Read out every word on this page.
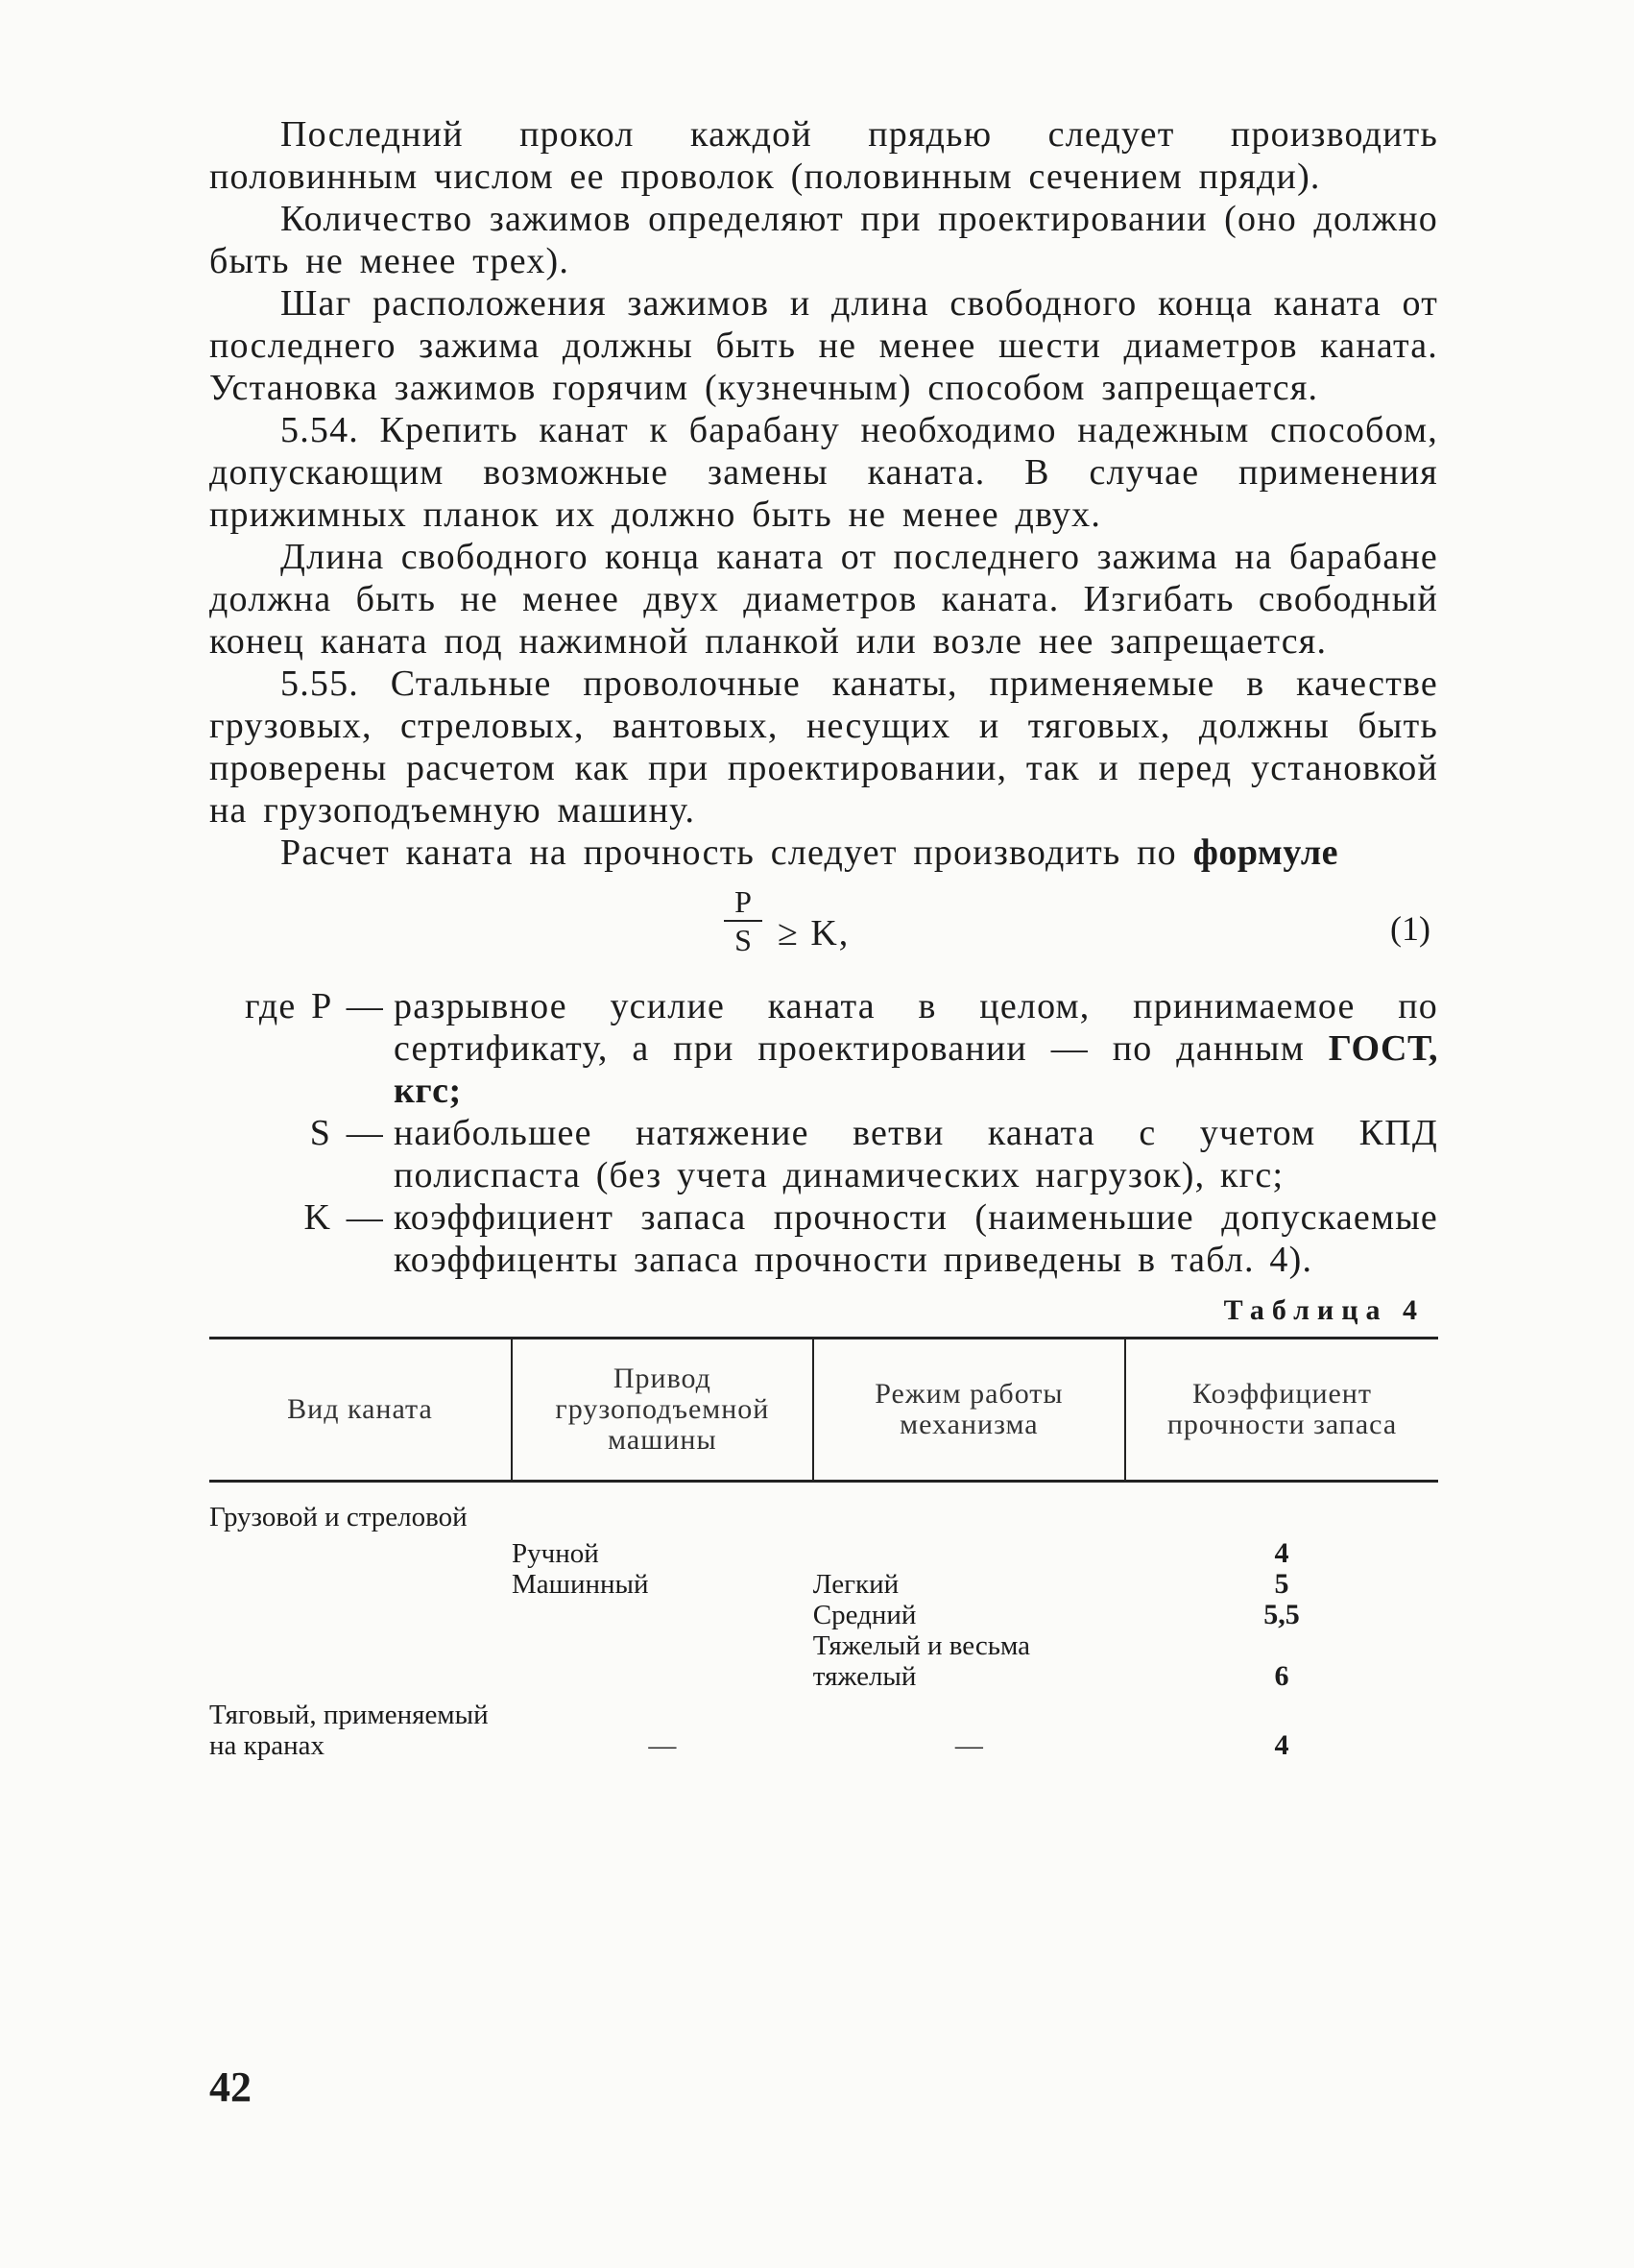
Последний прокол каждой прядью следует производить половинным числом ее проволок (половинным сечением пряди).

Количество зажимов определяют при проектировании (оно должно быть не менее трех).

Шаг расположения зажимов и длина свободного конца каната от последнего зажима должны быть не менее шести диаметров каната. Установка зажимов горячим (кузнечным) способом запрещается.

5.54. Крепить канат к барабану необходимо надежным способом, допускающим возможные замены каната. В случае применения прижимных планок их должно быть не менее двух.

Длина свободного конца каната от последнего зажима на барабане должна быть не менее двух диаметров каната. Изгибать свободный конец каната под нажимной планкой или возле нее запрещается.

5.55. Стальные проволочные канаты, применяемые в качестве грузовых, стреловых, вантовых, несущих и тяговых, должны быть проверены расчетом как при проектировании, так и перед установкой на грузоподъемную машину.

Расчет каната на прочность следует производить по формуле

$\frac{P}{S} \ge K$,	(1)
где P — разрывное усилие каната в целом, принимаемое по сертификату, а при проектировании — по данным ГОСТ, кгс;
S — наибольшее натяжение ветви каната с учетом КПД полиспаста (без учета динамических нагрузок), кгс;
K — коэффициент запаса прочности (наименьшие допускаемые коэффиценты запаса прочности приведены в табл. 4).
Таблица 4
Вид каната	Привод грузоподъемной машины	Режим работы механизма	Коэффициент прочности запаса
Грузовой и стреловой			
	Ручной		4
	Машинный	Легкий	5
		Средний	5,5
		Тяжелый и весьма тяжелый	6
Тяговый, применяемый на кранах	—	—	4
42
